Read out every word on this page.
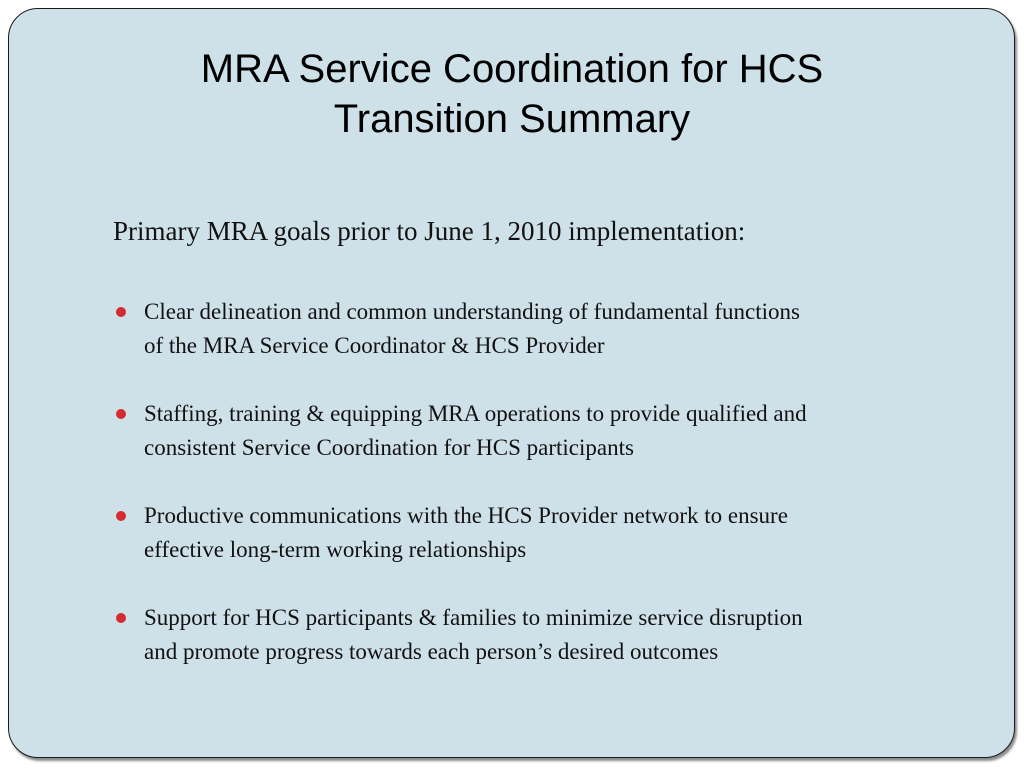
MRA Service Coordination for HCS
Transition Summary

Primary MRA goals prior to June 1, 2010 implementation:

Clear delineation and common understanding of fundamental functions
of the MRA Service Coordinator & HCS Provider
Staffing, training & equipping MRA operations to provide qualified and
consistent Service Coordination for HCS participants
Productive communications with the HCS Provider network to ensure
effective long-term working relationships
Support for HCS participants & families to minimize service disruption
and promote progress towards each person’s desired outcomes
